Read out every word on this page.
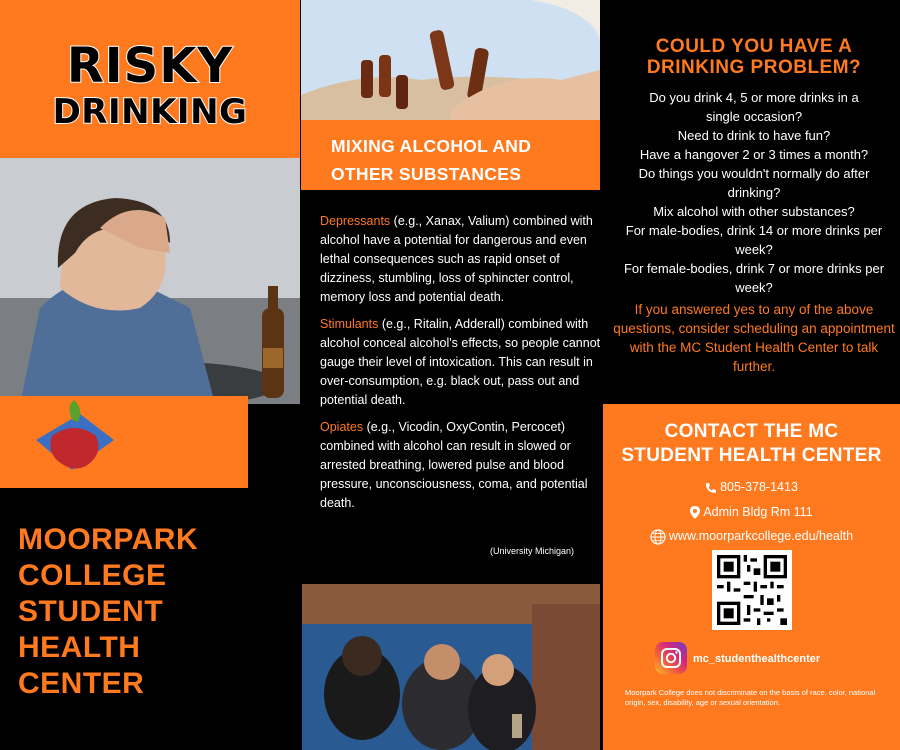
RISKY
DRINKING
MOORPARK
COLLEGE
STUDENT
HEALTH
CENTER
MIXING ALCOHOL AND
OTHER SUBSTANCES

Depressants (e.g., Xanax, Valium) combined with alcohol have a potential for dangerous and even lethal consequences such as rapid onset of dizziness, stumbling, loss of sphincter control, memory loss and potential death.

Stimulants (e.g., Ritalin, Adderall) combined with alcohol conceal alcohol's effects, so people cannot gauge their level of intoxication. This can result in over-consumption, e.g. black out, pass out and potential death.

Opiates (e.g., Vicodin, OxyContin, Percocet) combined with alcohol can result in slowed or arrested breathing, lowered pulse and blood pressure, unconsciousness, coma, and potential death.

(University Michigan)
COULD YOU HAVE A
DRINKING PROBLEM?
Do you drink 4, 5 or more drinks in a single occasion?
Need to drink to have fun?
Have a hangover 2 or 3 times a month?
Do things you wouldn't normally do after drinking?
Mix alcohol with other substances?
For male-bodies, drink 14 or more drinks per week?
For female-bodies, drink 7 or more drinks per week?
If you answered yes to any of the above questions, consider scheduling an appointment with the MC Student Health Center to talk further.
CONTACT THE MC
STUDENT HEALTH CENTER
805-378-1413
Admin Bldg Rm 111
www.moorparkcollege.edu/health
mc_studenthealthcenter
Moorpark College does not discriminate on the basis of race, color, national origin, sex, disability, age or sexual orientation.
